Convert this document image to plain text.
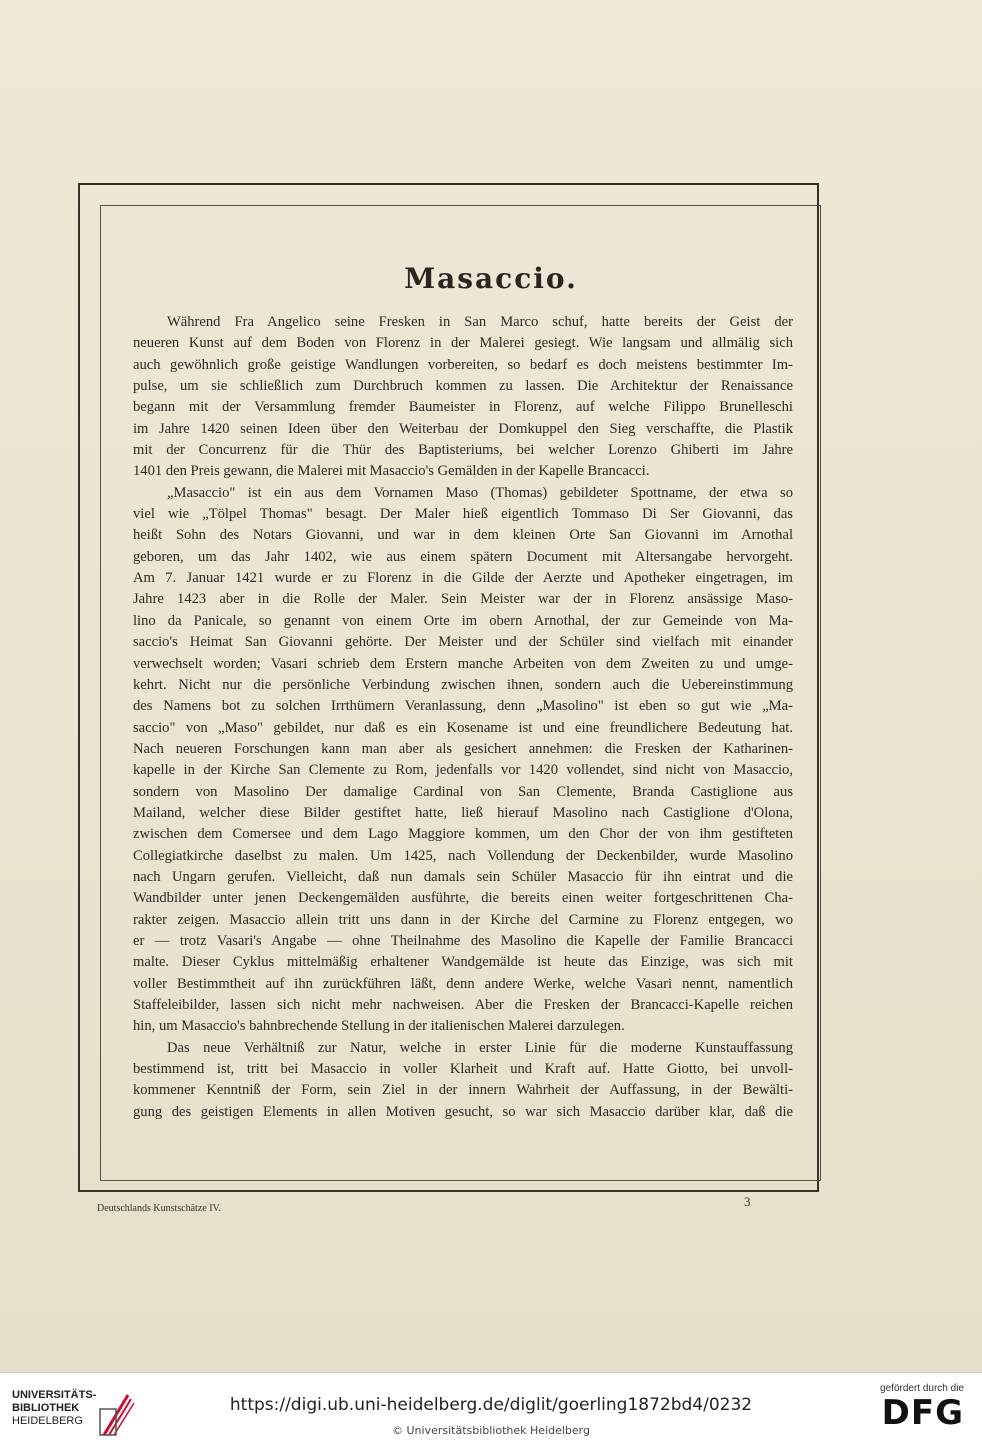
Masaccio.
Während Fra Angelico seine Fresken in San Marco schuf, hatte bereits der Geist der
neueren Kunst auf dem Boden von Florenz in der Malerei gesiegt. Wie langsam und allmälig sich
auch gewöhnlich große geistige Wandlungen vorbereiten, so bedarf es doch meistens bestimmter Im-
pulse, um sie schließlich zum Durchbruch kommen zu lassen. Die Architektur der Renaissance
begann mit der Versammlung fremder Baumeister in Florenz, auf welche Filippo Brunelleschi
im Jahre 1420 seinen Ideen über den Weiterbau der Domkuppel den Sieg verschaffte, die Plastik
mit der Concurrenz für die Thür des Baptisteriums, bei welcher Lorenzo Ghiberti im Jahre
1401 den Preis gewann, die Malerei mit Masaccio's Gemälden in der Kapelle Brancacci.
„Masaccio" ist ein aus dem Vornamen Maso (Thomas) gebildeter Spottname, der etwa so
viel wie „Tölpel Thomas" besagt. Der Maler hieß eigentlich Tommaso Di Ser Giovanni, das
heißt Sohn des Notars Giovanni, und war in dem kleinen Orte San Giovanni im Arnothal
geboren, um das Jahr 1402, wie aus einem spätern Document mit Altersangabe hervorgeht.
Am 7. Januar 1421 wurde er zu Florenz in die Gilde der Aerzte und Apotheker eingetragen, im
Jahre 1423 aber in die Rolle der Maler. Sein Meister war der in Florenz ansässige Maso-
lino da Panicale, so genannt von einem Orte im obern Arnothal, der zur Gemeinde von Ma-
saccio's Heimat San Giovanni gehörte. Der Meister und der Schüler sind vielfach mit einander
verwechselt worden; Vasari schrieb dem Erstern manche Arbeiten von dem Zweiten zu und umge-
kehrt. Nicht nur die persönliche Verbindung zwischen ihnen, sondern auch die Uebereinstimmung
des Namens bot zu solchen Irrthümern Veranlassung, denn „Masolino" ist eben so gut wie „Ma-
saccio" von „Maso" gebildet, nur daß es ein Kosename ist und eine freundlichere Bedeutung hat.
Nach neueren Forschungen kann man aber als gesichert annehmen: die Fresken der Katharinen-
kapelle in der Kirche San Clemente zu Rom, jedenfalls vor 1420 vollendet, sind nicht von Masaccio,
sondern von Masolino Der damalige Cardinal von San Clemente, Branda Castiglione aus
Mailand, welcher diese Bilder gestiftet hatte, ließ hierauf Masolino nach Castiglione d'Olona,
zwischen dem Comersee und dem Lago Maggiore kommen, um den Chor der von ihm gestifteten
Collegiatkirche daselbst zu malen. Um 1425, nach Vollendung der Deckenbilder, wurde Masolino
nach Ungarn gerufen. Vielleicht, daß nun damals sein Schüler Masaccio für ihn eintrat und die
Wandbilder unter jenen Deckengemälden ausführte, die bereits einen weiter fortgeschrittenen Cha-
rakter zeigen. Masaccio allein tritt uns dann in der Kirche del Carmine zu Florenz entgegen, wo
er — trotz Vasari's Angabe — ohne Theilnahme des Masolino die Kapelle der Familie Brancacci
malte. Dieser Cyklus mittelmäßig erhaltener Wandgemälde ist heute das Einzige, was sich mit
voller Bestimmtheit auf ihn zurückführen läßt, denn andere Werke, welche Vasari nennt, namentlich
Staffeleibilder, lassen sich nicht mehr nachweisen. Aber die Fresken der Brancacci-Kapelle reichen
hin, um Masaccio's bahnbrechende Stellung in der italienischen Malerei darzulegen.
Das neue Verhältniß zur Natur, welche in erster Linie für die moderne Kunstauffassung
bestimmend ist, tritt bei Masaccio in voller Klarheit und Kraft auf. Hatte Giotto, bei unvoll-
kommener Kenntniß der Form, sein Ziel in der innern Wahrheit der Auffassung, in der Bewälti-
gung des geistigen Elements in allen Motiven gesucht, so war sich Masaccio darüber klar, daß die
Deutschlands Kunstschätze IV.	3
UNIVERSITÄTS-
BIBLIOTHEK
HEIDELBERG
https://digi.ub.uni-heidelberg.de/diglit/goerling1872bd4/0232
© Universitätsbibliothek Heidelberg
gefördert durch die
DFG
